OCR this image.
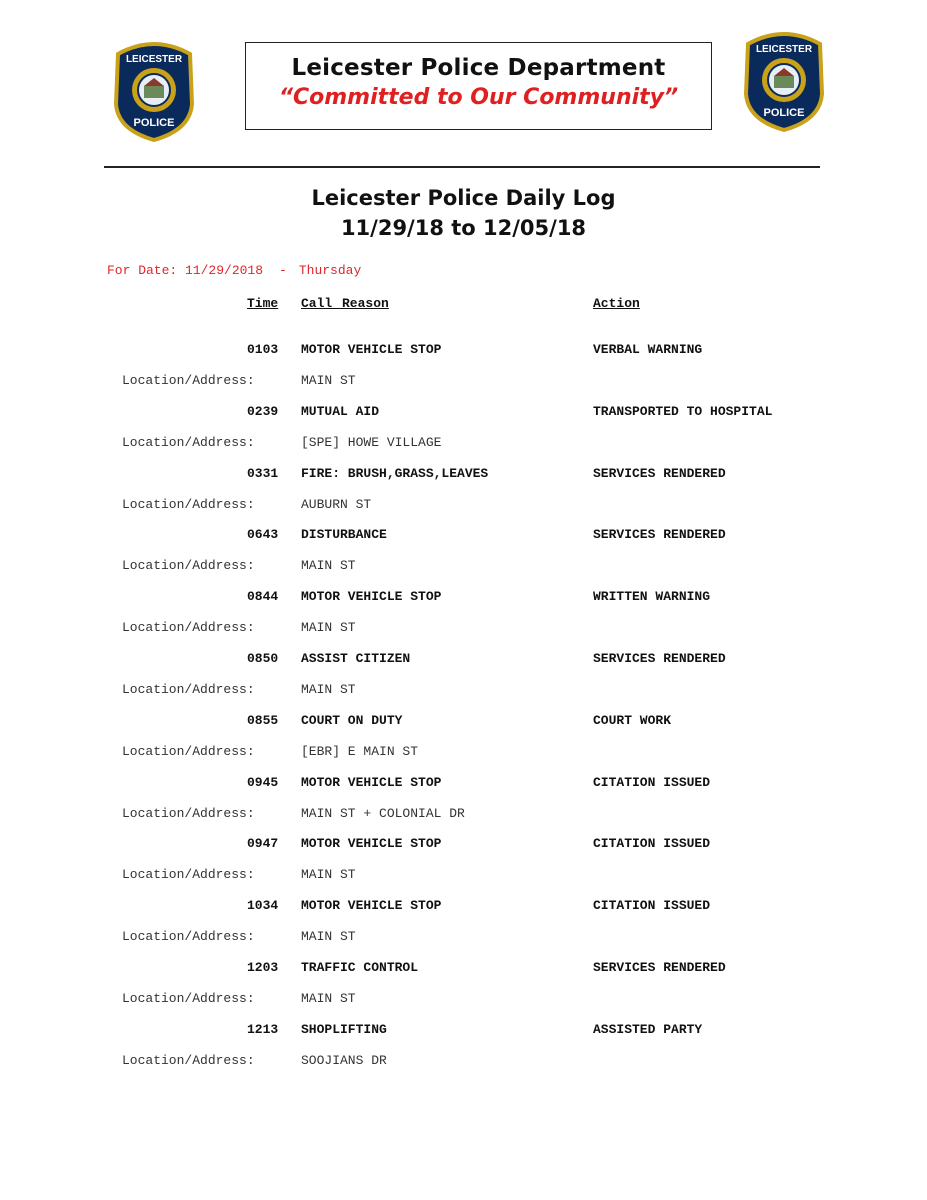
LEICESTER
POLICE
LEICESTER
POLICE
Leicester Police Department
“Committed to Our Community”
Leicester Police Daily Log
11/29/18 to 12/05/18
For Date: 11/29/2018 - Thursday
Time Call Reason	Action
0103 MOTOR VEHICLE STOP	VERBAL WARNING
Location/Address:	MAIN ST
0239 MUTUAL AID	TRANSPORTED TO HOSPITAL
Location/Address:	[SPE] HOWE VILLAGE
0331 FIRE: BRUSH,GRASS,LEAVES	SERVICES RENDERED
Location/Address:	AUBURN ST
0643 DISTURBANCE	SERVICES RENDERED
Location/Address:	MAIN ST
0844 MOTOR VEHICLE STOP	WRITTEN WARNING
Location/Address:	MAIN ST
0850 ASSIST CITIZEN	SERVICES RENDERED
Location/Address:	MAIN ST
0855 COURT ON DUTY	COURT WORK
Location/Address:	[EBR] E MAIN ST
0945 MOTOR VEHICLE STOP	CITATION ISSUED
Location/Address:	MAIN ST + COLONIAL DR
0947 MOTOR VEHICLE STOP	CITATION ISSUED
Location/Address:	MAIN ST
1034 MOTOR VEHICLE STOP	CITATION ISSUED
Location/Address:	MAIN ST
1203 TRAFFIC CONTROL	SERVICES RENDERED
Location/Address:	MAIN ST
1213 SHOPLIFTING	ASSISTED PARTY
Location/Address:	SOOJIANS DR
